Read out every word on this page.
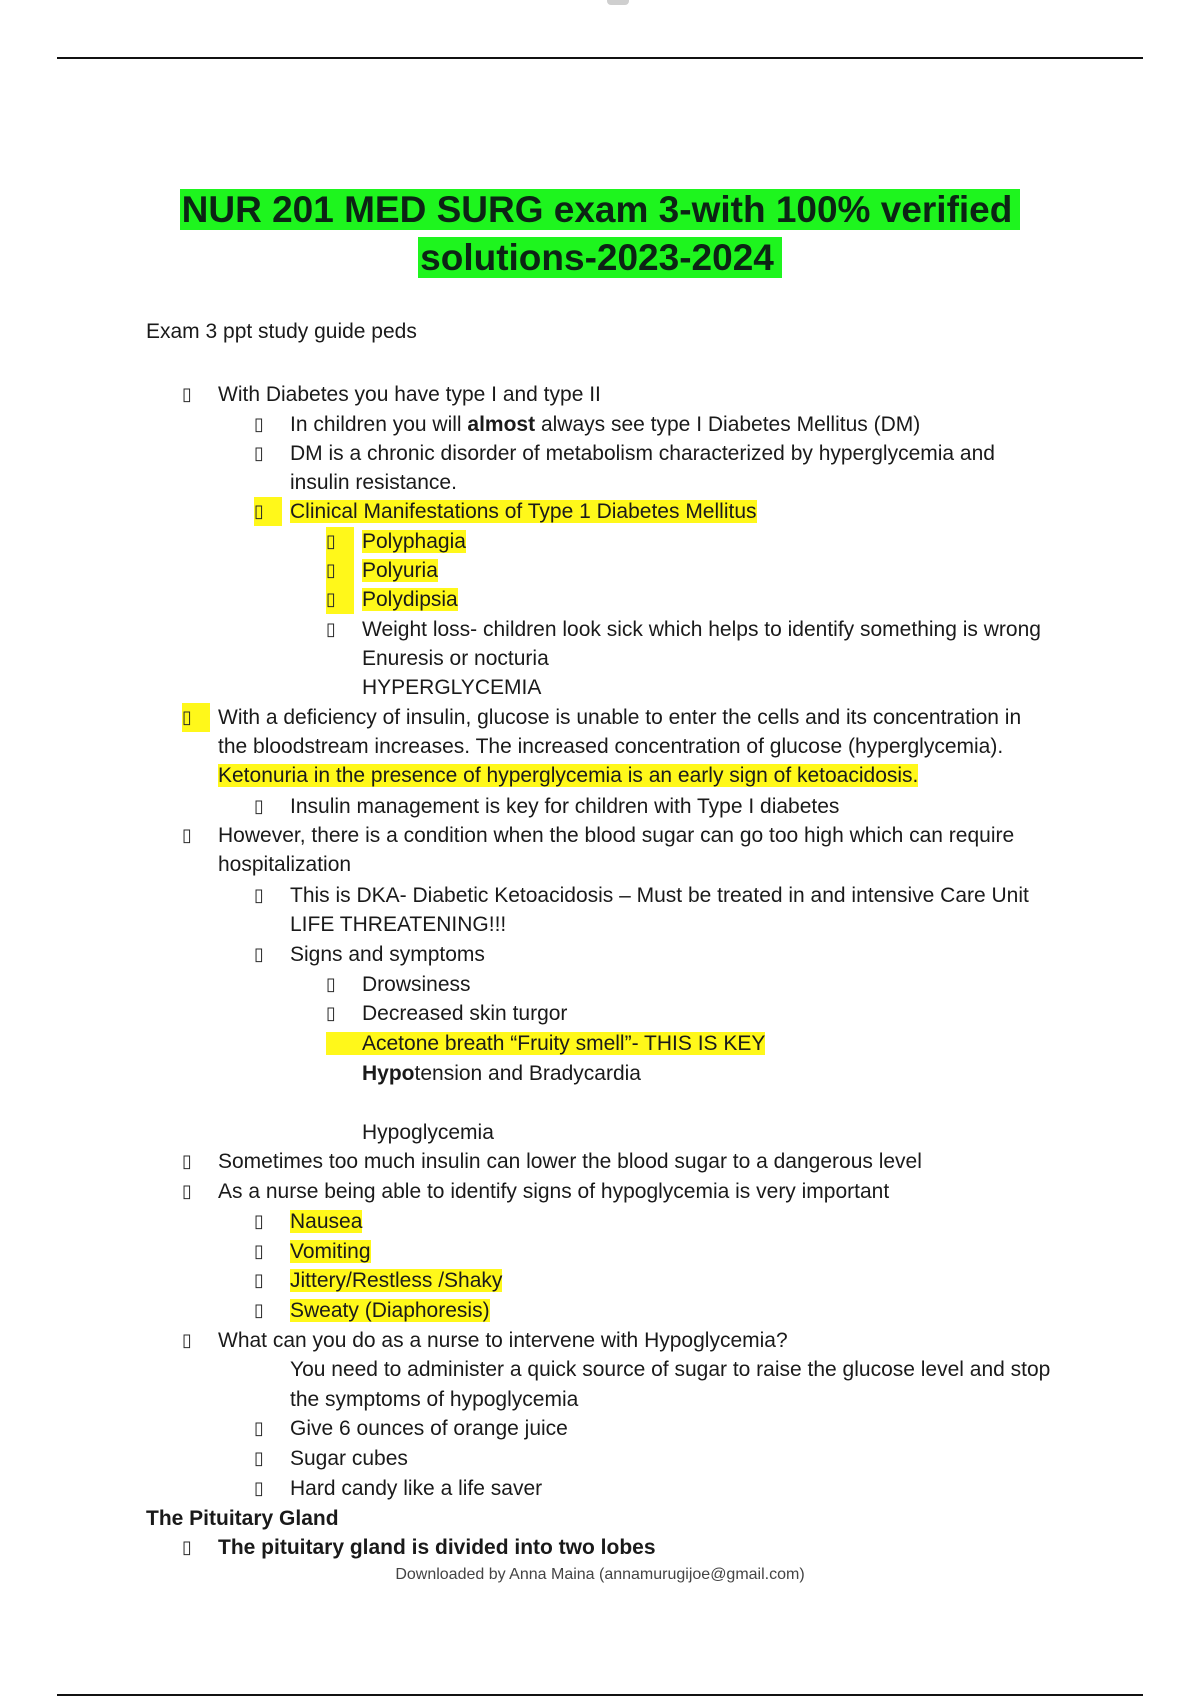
NUR 201 MED SURG exam 3-with 100% verified
solutions-2023-2024
Exam 3 ppt study guide peds
▯	With Diabetes you have type I and type II
▯	In children you will almost always see type I Diabetes Mellitus (DM)
▯	DM is a chronic disorder of metabolism characterized by hyperglycemia and
insulin resistance.
▯	Clinical Manifestations of Type 1 Diabetes Mellitus
▯	Polyphagia
▯	Polyuria
▯	Polydipsia
▯	Weight loss- children look sick which helps to identify something is wrong
Enuresis or nocturia
HYPERGLYCEMIA
▯	With a deficiency of insulin, glucose is unable to enter the cells and its concentration in
the bloodstream increases. The increased concentration of glucose (hyperglycemia).
Ketonuria in the presence of hyperglycemia is an early sign of ketoacidosis.
▯	Insulin management is key for children with Type I diabetes
▯	However, there is a condition when the blood sugar can go too high which can require
hospitalization
▯	This is DKA- Diabetic Ketoacidosis – Must be treated in and intensive Care Unit
LIFE THREATENING!!!
▯	Signs and symptoms
▯	Drowsiness
▯	Decreased skin turgor
Acetone breath “Fruity smell”- THIS IS KEY
Hypotension and Bradycardia
Hypoglycemia
▯	Sometimes too much insulin can lower the blood sugar to a dangerous level
▯	As a nurse being able to identify signs of hypoglycemia is very important
▯	Nausea
▯	Vomiting
▯	Jittery/Restless /Shaky
▯	Sweaty (Diaphoresis)
▯	What can you do as a nurse to intervene with Hypoglycemia?
You need to administer a quick source of sugar to raise the glucose level and stop
the symptoms of hypoglycemia
▯	Give 6 ounces of orange juice
▯	Sugar cubes
▯	Hard candy like a life saver
The Pituitary Gland
▯	The pituitary gland is divided into two lobes
Downloaded by Anna Maina (annamurugijoe@gmail.com)
